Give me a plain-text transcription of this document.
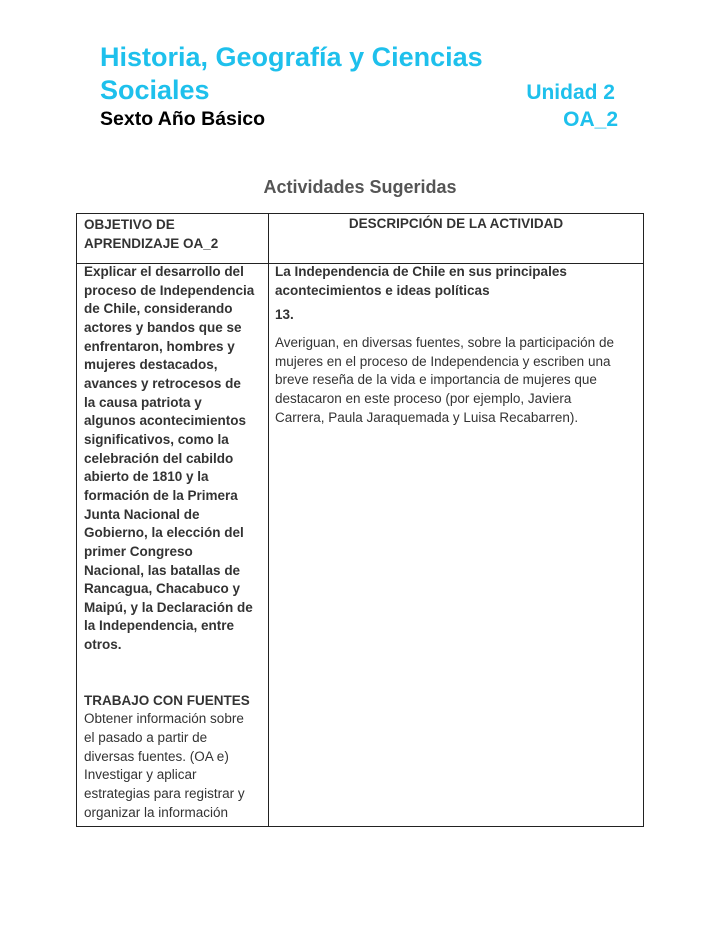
Historia, Geografía y Ciencias
Sociales	Unidad 2
Sexto Año Básico	OA_2
Actividades Sugeridas
OBJETIVO DE
APRENDIZAJE OA_2
DESCRIPCIÓN DE LA ACTIVIDAD
Explicar el desarrollo del
proceso de Independencia
de Chile, considerando
actores y bandos que se
enfrentaron, hombres y
mujeres destacados,
avances y retrocesos de
la causa patriota y
algunos acontecimientos
significativos, como la
celebración del cabildo
abierto de 1810 y la
formación de la Primera
Junta Nacional de
Gobierno, la elección del
primer Congreso
Nacional, las batallas de
Rancagua, Chacabuco y
Maipú, y la Declaración de
la Independencia, entre
otros.
TRABAJO CON FUENTES
Obtener información sobre
el pasado a partir de
diversas fuentes. (OA e)
Investigar y aplicar
estrategias para registrar y
organizar la información
La Independencia de Chile en sus principales
acontecimientos e ideas políticas
13.
Averiguan, en diversas fuentes, sobre la participación de
mujeres en el proceso de Independencia y escriben una
breve reseña de la vida e importancia de mujeres que
destacaron en este proceso (por ejemplo, Javiera
Carrera, Paula Jaraquemada y Luisa Recabarren).
